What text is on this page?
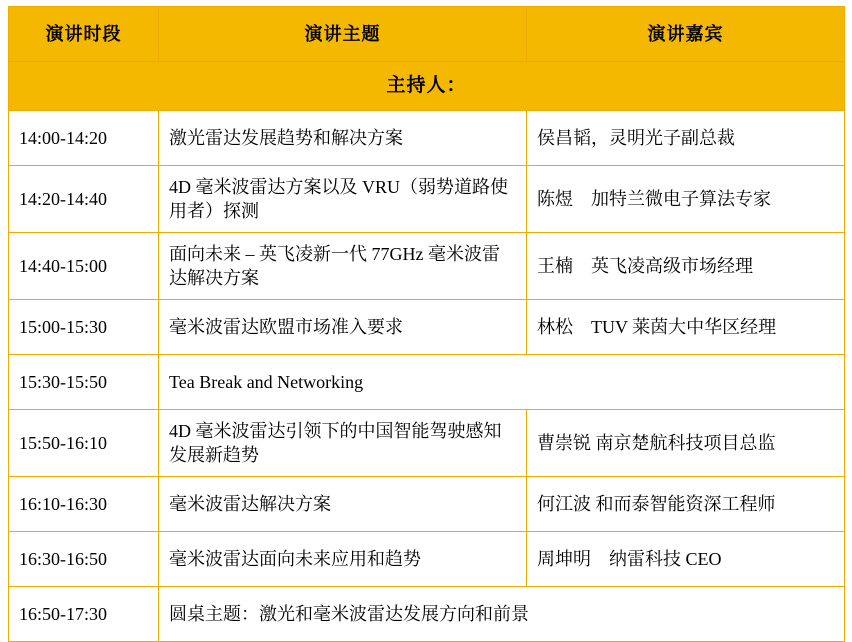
演讲时段	演讲主题	演讲嘉宾
主持人：		
14:00-14:20	激光雷达发展趋势和解决方案	侯昌韬，灵明光子副总裁
14:20-14:40	4D 毫米波雷达方案以及 VRU（弱势道路使用者）探测	陈煜　加特兰微电子算法专家
14:40-15:00	面向未来 – 英飞凌新一代 77GHz 毫米波雷达解决方案	王楠　英飞凌高级市场经理
15:00-15:30	毫米波雷达欧盟市场准入要求	林松　TUV 莱茵大中华区经理
15:30-15:50	Tea Break and Networking	
15:50-16:10	4D 毫米波雷达引领下的中国智能驾驶感知发展新趋势	曹崇锐 南京楚航科技项目总监
16:10-16:30	毫米波雷达解决方案	何江波 和而泰智能资深工程师
16:30-16:50	毫米波雷达面向未来应用和趋势	周坤明　纳雷科技 CEO
16:50-17:30	圆桌主题：激光和毫米波雷达发展方向和前景	
